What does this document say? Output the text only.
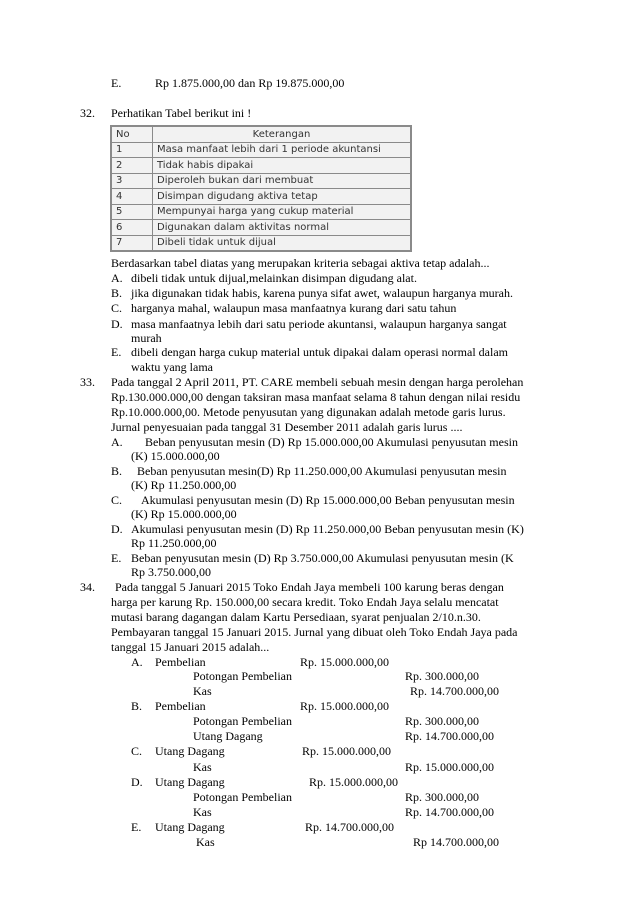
E.	Rp 1.875.000,00 dan Rp 19.875.000,00
32. Perhatikan Tabel berikut ini !
No	Keterangan
1	Masa manfaat lebih dari 1 periode akuntansi
2	Tidak habis dipakai
3	Diperoleh bukan dari membuat
4	Disimpan digudang aktiva tetap
5	Mempunyai harga yang cukup material
6	Digunakan dalam aktivitas normal
7	Dibeli tidak untuk dijual
Berdasarkan tabel diatas yang merupakan kriteria sebagai aktiva tetap adalah...
A. dibeli tidak untuk dijual,melainkan disimpan digudang alat.
B. jika digunakan tidak habis, karena punya sifat awet, walaupun harganya murah.
C. harganya mahal, walaupun masa manfaatnya kurang dari satu tahun
D. masa manfaatnya lebih dari satu periode akuntansi, walaupun harganya sangat
murah
E. dibeli dengan harga cukup material untuk dipakai dalam operasi normal dalam
waktu yang lama
33. Pada tanggal 2 April 2011, PT. CARE membeli sebuah mesin dengan harga perolehan
Rp.130.000.000,00 dengan taksiran masa manfaat selama 8 tahun dengan nilai residu
Rp.10.000.000,00. Metode penyusutan yang digunakan adalah metode garis lurus.
Jurnal penyesuaian pada tanggal 31 Desember 2011 adalah garis lurus ....
A. Beban penyusutan mesin (D) Rp 15.000.000,00 Akumulasi penyusutan mesin
(K) 15.000.000,00
B. Beban penyusutan mesin(D) Rp 11.250.000,00 Akumulasi penyusutan mesin
(K) Rp 11.250.000,00
C. Akumulasi penyusutan mesin (D) Rp 15.000.000,00 Beban penyusutan mesin
(K) Rp 15.000.000,00
D. Akumulasi penyusutan mesin (D) Rp 11.250.000,00 Beban penyusutan mesin (K)
Rp 11.250.000,00
E. Beban penyusutan mesin (D) Rp 3.750.000,00 Akumulasi penyusutan mesin (K
Rp 3.750.000,00
34. Pada tanggal 5 Januari 2015 Toko Endah Jaya membeli 100 karung beras dengan
harga per karung Rp. 150.000,00 secara kredit. Toko Endah Jaya selalu mencatat
mutasi barang dagangan dalam Kartu Persediaan, syarat penjualan 2/10.n.30.
Pembayaran tanggal 15 Januari 2015. Jurnal yang dibuat oleh Toko Endah Jaya pada
tanggal 15 Januari 2015 adalah...
A. Pembelian	Rp. 15.000.000,00
Potongan Pembelian	Rp. 300.000,00
Kas	Rp. 14.700.000,00
B. Pembelian	Rp. 15.000.000,00
Potongan Pembelian	Rp. 300.000,00
Utang Dagang	Rp. 14.700.000,00
C. Utang Dagang	Rp. 15.000.000,00
Kas	Rp. 15.000.000,00
D. Utang Dagang	Rp. 15.000.000,00
Potongan Pembelian	Rp. 300.000,00
Kas	Rp. 14.700.000,00
E. Utang Dagang	Rp. 14.700.000,00
Kas	Rp 14.700.000,00
